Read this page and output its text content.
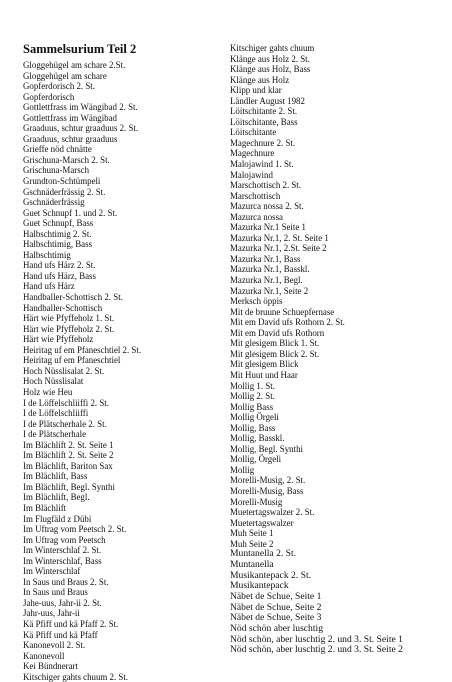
Sammelsurium Teil 2
Gloggehügel am schare 2.St.
Gloggehügel am schare
Gopferdorisch 2. St.
Gopferdorisch
Gottlettfrass im Wängibad 2. St.
Gottlettfrass im Wängibad
Graaduus, schtur graaduus 2. St.
Graaduus, schtur graaduus
Grieffe nöd chnätte
Grischuna-Marsch 2. St.
Grischuna-Marsch
Grundton-Schtümpeli
Gschnäderfrässig 2. St.
Gschnäderfrässig
Guet Schnupf 1. und 2. St.
Guet Schnupf, Bass
Halbschtimig 2. St.
Halbschtimig, Bass
Halbschtimig
Hand ufs Härz 2. St.
Hand ufs Härz, Bass
Hand ufs Härz
Handballer-Schottisch 2. St.
Handballer-Schottisch
Härt wie Pfyffeholz 1. St.
Härt wie Pfyffeholz 2. St.
Härt wie Pfyffeholz
Heiritag uf em Pfaneschtiel 2. St.
Heiritag uf em Pfaneschtiel
Hoch Nüsslisalat 2. St.
Hoch Nüsslisalat
Holz wie Heu
I de Löffelschliiffi 2. St.
I de Löffelschliiffi
I de Plätscherhale 2. St.
I de Plätscherhale
Im Blächlift 2. St. Seite 1
Im Blächlift 2. St. Seite 2
Im Blächlift, Bariton Sax
Im Blächlift, Bass
Im Blächlift, Begl. Synthi
Im Blächlift, Begl.
Im Blächlift
Im Flugfäld z Dübi
Im Uftrag vom Peetsch 2. St.
Im Uftrag vom Peetsch
Im Winterschlaf 2. St.
Im Winterschlaf, Bass
Im Winterschlaf
In Saus und Braus 2. St.
In Saus und Braus
Jahe-uus, Jahr-ii 2. St.
Jahr-uus, Jahr-ii
Kä Pfiff und kä Pfaff 2. St.
Kä Pfiff und kä Pfaff
Kanonevoll 2. St.
Kanonevoll
Kei Bündnerart
Kitschiger gahts chuum 2. St.
Kitschiger gahts chuum
Klänge aus Holz 2. St.
Klänge aus Holz, Bass
Klänge aus Holz
Klipp und klar
Ländler August 1982
Löitschitante 2. St.
Löitschitante, Bass
Löitschitante
Magechnure 2. St.
Magechnure
Malojawind 1. St.
Malojawind
Marschottisch 2. St.
Marschottisch
Mazurca nossa 2. St.
Mazurca nossa
Mazurka Nr.1 Seite 1
Mazurka Nr.1, 2. St. Seite 1
Mazurka Nr.1, 2.St. Seite 2
Mazurka Nr.1, Bass
Mazurka Nr.1, Basskl.
Mazurka Nr.1, Begl.
Mazurka Nr.1, Seite 2
Merksch öppis
Mit de bruune Schuepfernase
Mit em David ufs Rothorn 2. St.
Mit em David ufs Rothorn
Mit glesigem Blick 1. St.
Mit glesigem Blick 2. St.
Mit glesigem Blick
Mit Huut und Haar
Mollig 1. St.
Mollig 2. St.
Mollig Bass
Mollig Örgeli
Mollig, Bass
Mollig, Basskl.
Mollig, Begl. Synthi
Mollig, Örgeli
Mollig
Morelli-Musig, 2. St.
Morelli-Musig, Bass
Morelli-Musig
Muetertagswalzer 2. St.
Muetertagswalzer
Muh Seite 1
Muh Seite 2
Muntanella 2. St.
Muntanella
Musikantepack 2. St.
Musikantepack
Näbet de Schue, Seite 1
Näbet de Schue, Seite 2
Näbet de Schue, Seite 3
Nöd schön aber luschtig
Nöd schön, aber luschtig 2. und 3. St. Seite 1
Nöd schön, aber luschtig 2. und 3. St. Seite 2
